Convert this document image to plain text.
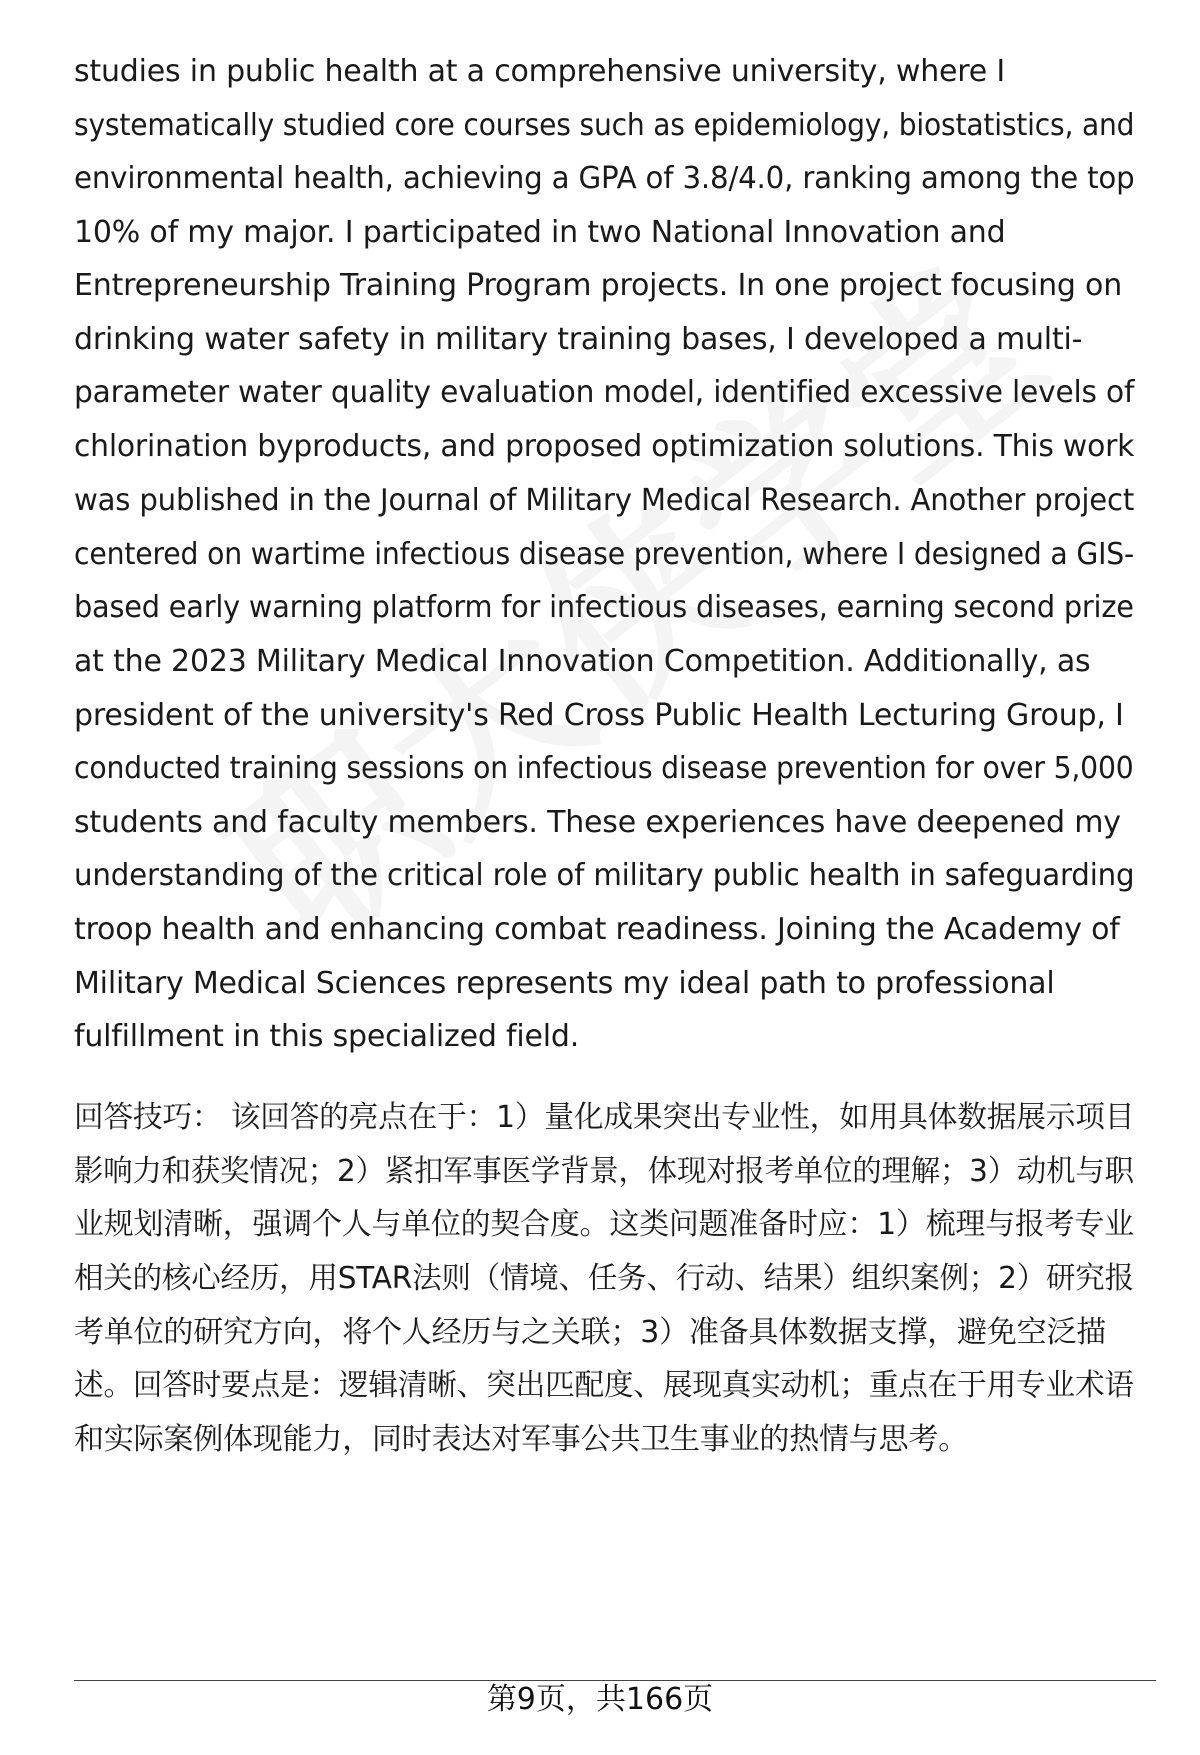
studies in public health at a comprehensive university, where I
systematically studied core courses such as epidemiology, biostatistics, and
environmental health, achieving a GPA of 3.8/4.0, ranking among the top
10% of my major. I participated in two National Innovation and
Entrepreneurship Training Program projects. In one project focusing on
drinking water safety in military training bases, I developed a multi-
parameter water quality evaluation model, identified excessive levels of
chlorination byproducts, and proposed optimization solutions. This work
was published in the Journal of Military Medical Research. Another project
centered on wartime infectious disease prevention, where I designed a GIS-
based early warning platform for infectious diseases, earning second prize
at the 2023 Military Medical Innovation Competition. Additionally, as
president of the university's Red Cross Public Health Lecturing Group, I
conducted training sessions on infectious disease prevention for over 5,000
students and faculty members. These experiences have deepened my
understanding of the critical role of military public health in safeguarding
troop health and enhancing combat readiness. Joining the Academy of
Military Medical Sciences represents my ideal path to professional
fulfillment in this specialized field.
回答技巧： 该回答的亮点在于：1）量化成果突出专业性，如用具体数据展示项目
影响力和获奖情况；2）紧扣军事医学背景，体现对报考单位的理解；3）动机与职
业规划清晰，强调个人与单位的契合度。这类问题准备时应：1）梳理与报考专业
相关的核心经历，用STAR法则（情境、任务、行动、结果）组织案例；2）研究报
考单位的研究方向，将个人经历与之关联；3）准备具体数据支撑，避免空泛描
述。回答时要点是：逻辑清晰、突出匹配度、展现真实动机；重点在于用专业术语
和实际案例体现能力，同时表达对军事公共卫生事业的热情与思考。
第9页，共166页
